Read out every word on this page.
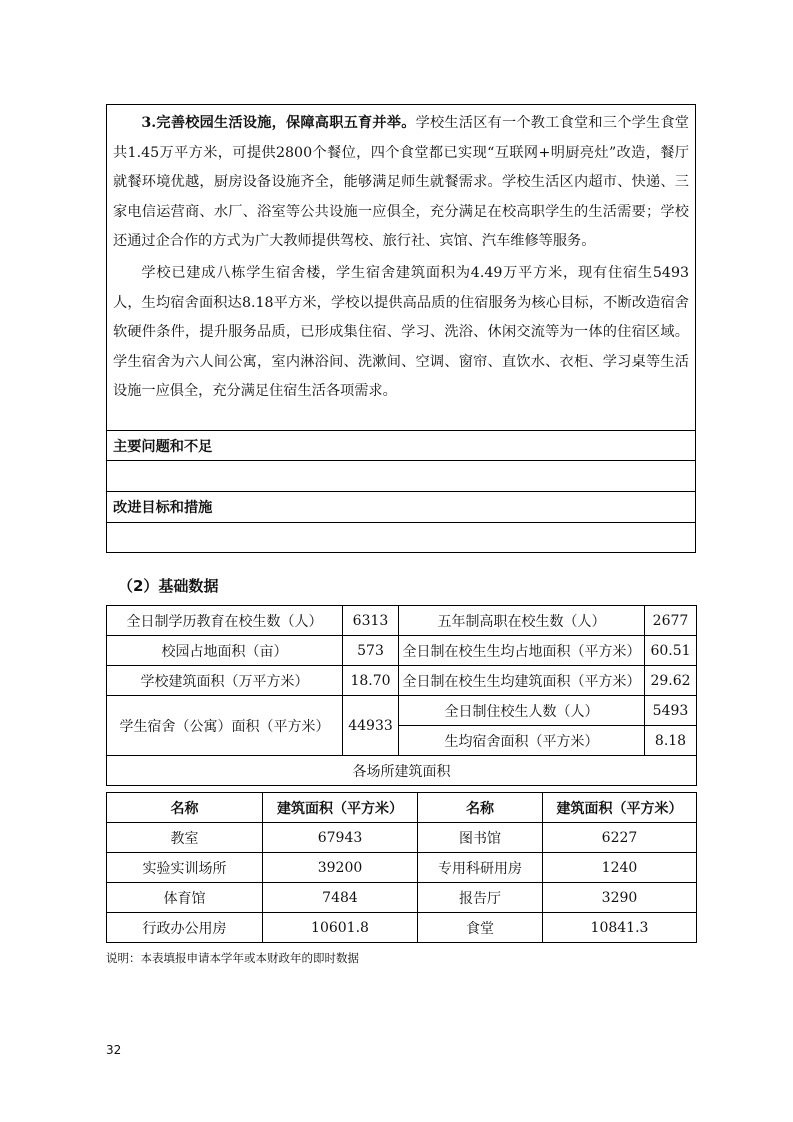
3.完善校园生活设施，保障高职五育并举。学校生活区有一个教工食堂和三个学生食堂共1.45万平方米，可提供2800个餐位，四个食堂都已实现“互联网+明厨亮灶”改造，餐厅就餐环境优越，厨房设备设施齐全，能够满足师生就餐需求。学校生活区内超市、快递、三家电信运营商、水厂、浴室等公共设施一应俱全，充分满足在校高职学生的生活需要；学校还通过企合作的方式为广大教师提供驾校、旅行社、宾馆、汽车维修等服务。
学校已建成八栋学生宿舍楼，学生宿舍建筑面积为4.49万平方米，现有住宿生5493人，生均宿舍面积达8.18平方米，学校以提供高品质的住宿服务为核心目标，不断改造宿舍软硬件条件，提升服务品质，已形成集住宿、学习、洗浴、休闲交流等为一体的住宿区域。学生宿舍为六人间公寓，室内淋浴间、洗漱间、空调、窗帘、直饮水、衣柜、学习桌等生活设施一应俱全，充分满足住宿生活各项需求。
主要问题和不足
改进目标和措施
（2）基础数据
全日制学历教育在校生数（人）	6313	五年制高职在校生数（人）	2677
校园占地面积（亩）	573	全日制在校生生均占地面积（平方米）	60.51
学校建筑面积（万平方米）	18.70	全日制在校生生均建筑面积（平方米）	29.62
学生宿舍（公寓）面积（平方米）	44933	全日制住校生人数（人）	5493
		生均宿舍面积（平方米）	8.18
各场所建筑面积			
名称	建筑面积（平方米）	名称	建筑面积（平方米）
教室	67943	图书馆	6227
实验实训场所	39200	专用科研用房	1240
体育馆	7484	报告厅	3290
行政办公用房	10601.8	食堂	10841.3
说明：本表填报申请本学年或本财政年的即时数据
32
